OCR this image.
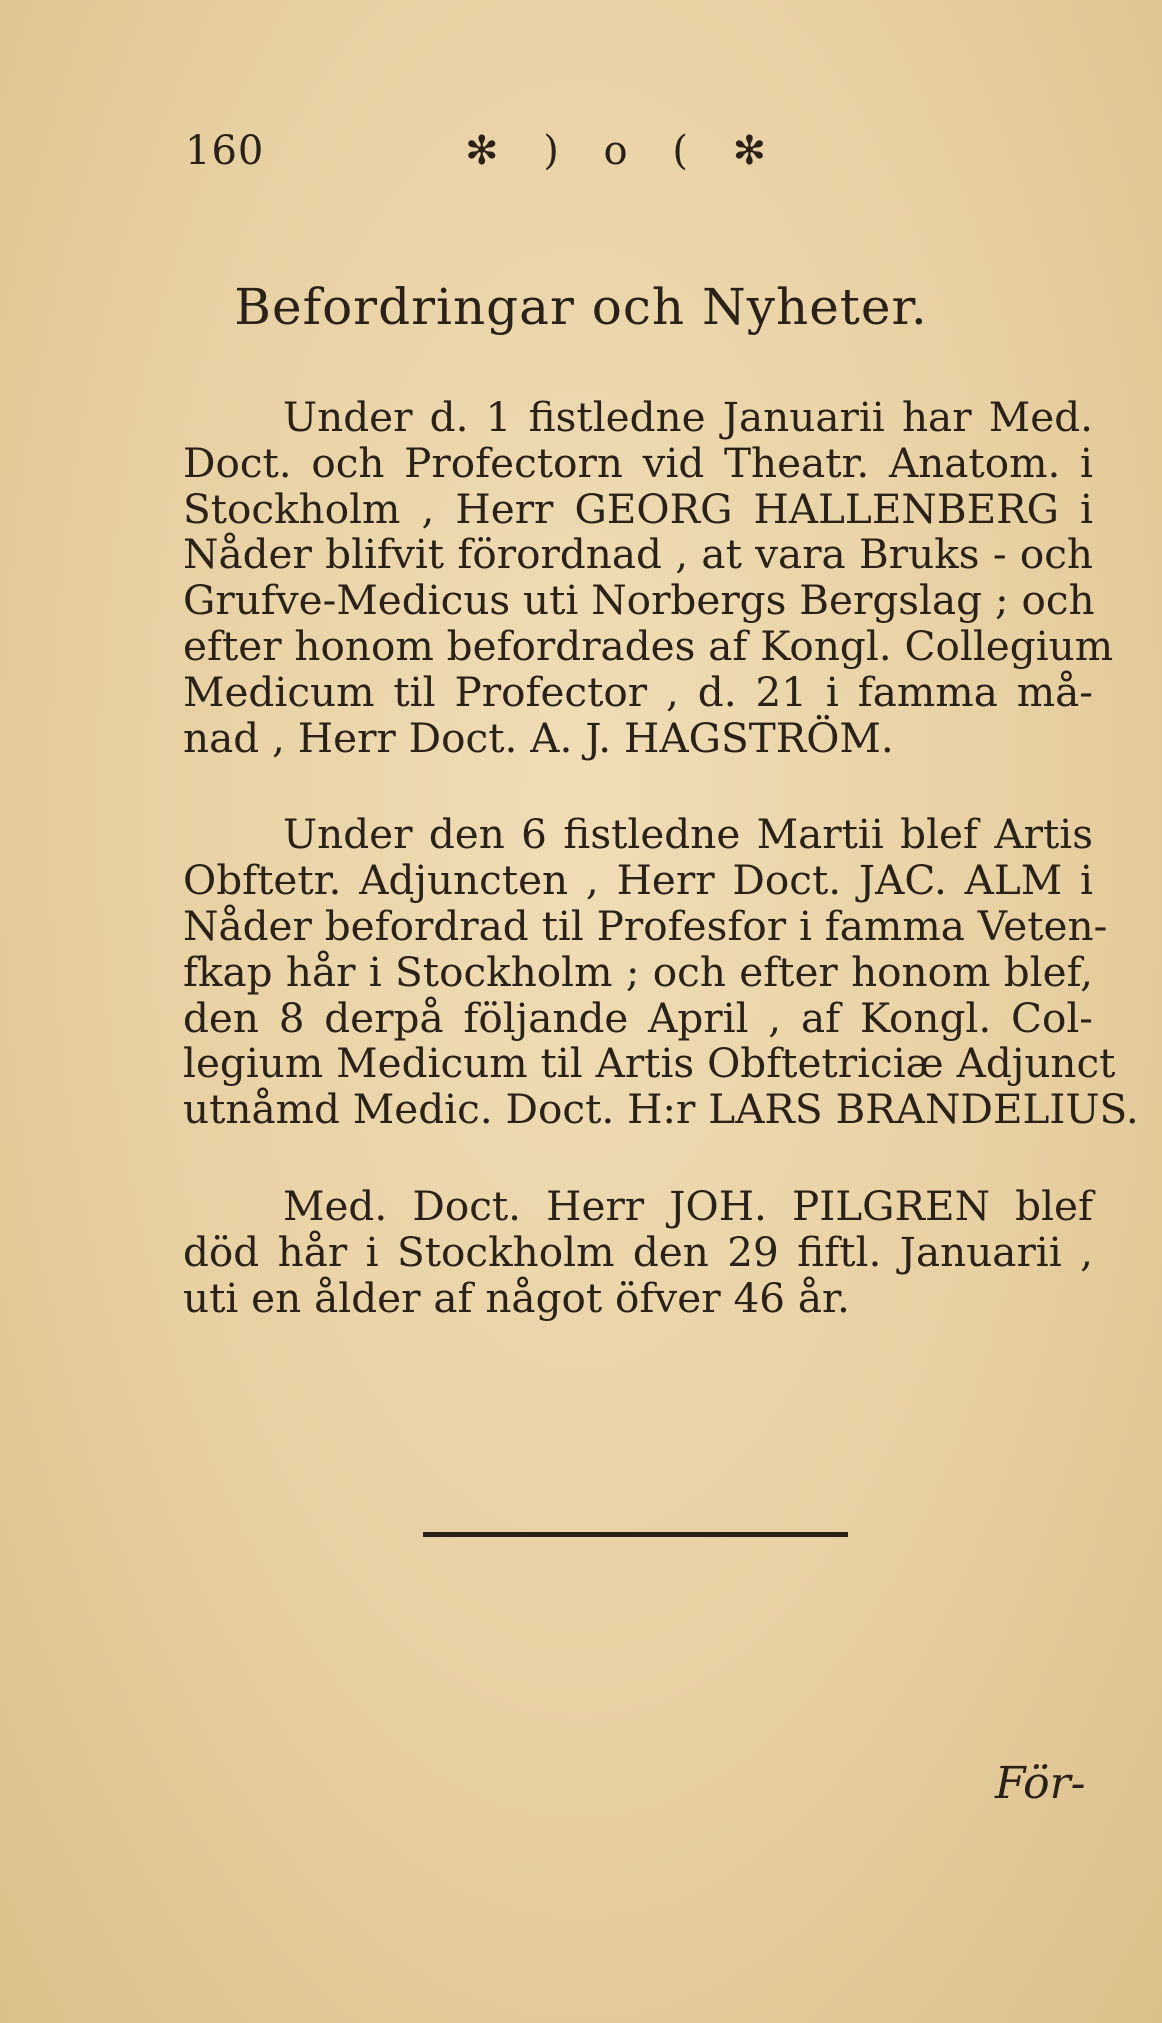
160	✻ ) o ( ✻
Befordringar och Nyheter.

Under d. 1 fistledne Januarii har Med.
Doct. och Profectorn vid Theatr. Anatom. i
Stockholm , Herr GEORG HALLENBERG i
Nåder blifvit förordnad , at vara Bruks - och
Grufve-Medicus uti Norbergs Bergslag ; och
efter honom befordrades af Kongl. Collegium
Medicum til Profector , d. 21 i famma må-
nad , Herr Doct. A. J. HAGSTRÖM.

Under den 6 fistledne Martii blef Artis
Obftetr. Adjuncten , Herr Doct. JAC. ALM i
Nåder befordrad til Profesfor i famma Veten-
fkap hår i Stockholm ; och efter honom blef,
den 8 derpå följande April , af Kongl. Col-
legium Medicum til Artis Obftetriciæ Adjunct
utnåmd Medic. Doct. H:r LARS BRANDELIUS.

Med. Doct. Herr JOH. PILGREN blef
död hår i Stockholm den 29 fiftl. Januarii ,
uti en ålder af något öfver 46 år.

För-
